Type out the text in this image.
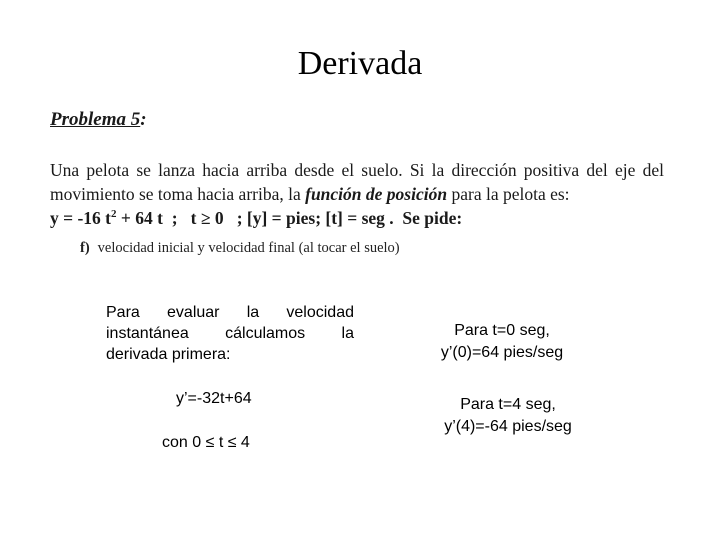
Derivada
Problema 5:
Una pelota se lanza hacia arriba desde el suelo. Si la dirección positiva del eje del
movimiento se toma hacia arriba, la función de posición para la pelota es:
y = -16 $t^2 + 64$ t  ;   t ≥ 0   ; [y] = pies; [t] = seg .  Se pide:
f) velocidad inicial y velocidad final (al tocar el suelo)
Para evaluar la velocidad instantánea cálculamos la derivada primera:
y’=-32t+64
con 0 ≤ t ≤ 4
Para t=0 seg,
y’(0)=64 pies/seg
Para t=4 seg,
y’(4)=-64 pies/seg
